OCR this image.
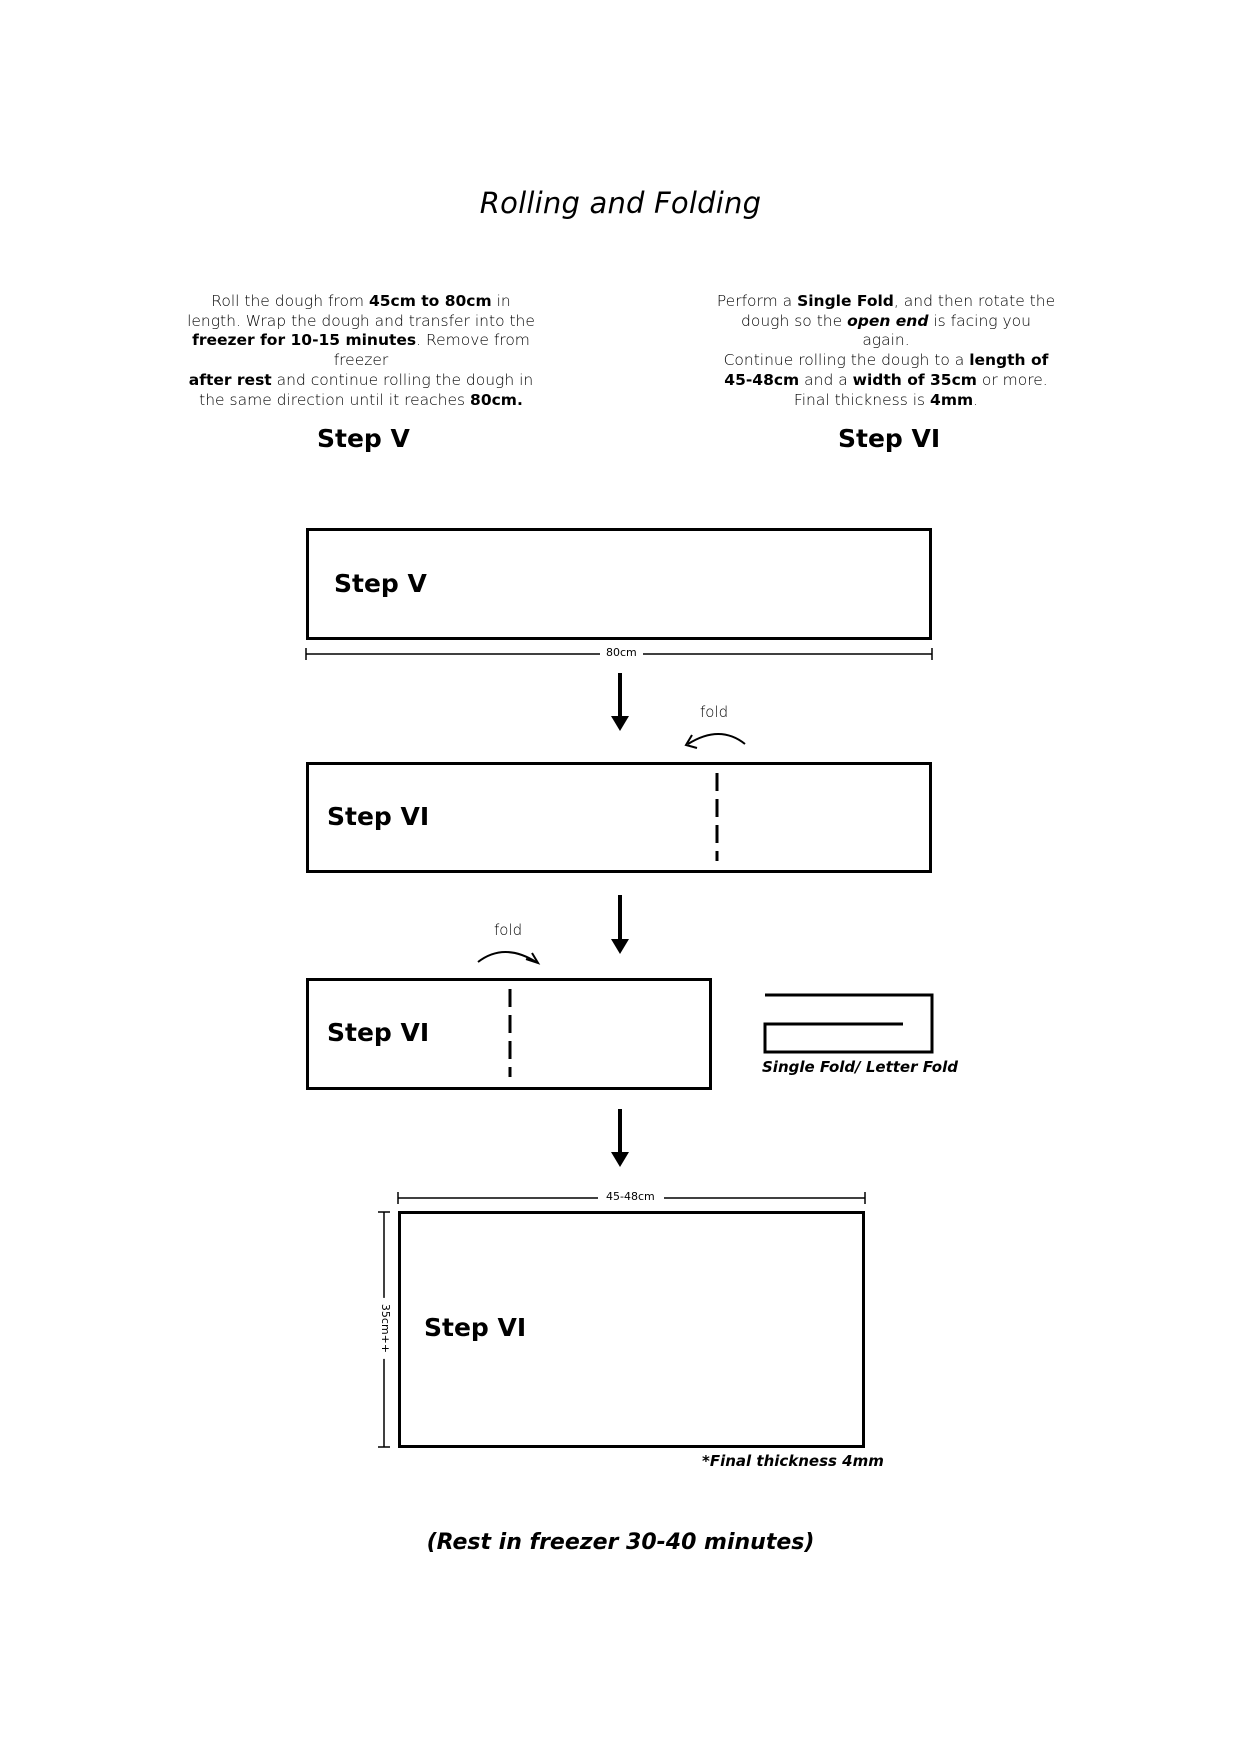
Rolling and Folding
Roll the dough from 45cm to 80cm in
length. Wrap the dough and transfer into the
freezer for 10-15 minutes. Remove from freezer
after rest and continue rolling the dough in
the same direction until it reaches 80cm.
Perform a Single Fold, and then rotate the
dough so the open end is facing you again.
Continue rolling the dough to a length of
45-48cm and a width of 35cm or more.
Final thickness is 4mm.
Step V	Step VI
Step V
80cm
fold
Step VI
fold
Step VI
Single Fold/ Letter Fold
45-48cm
35cm++ Step VI
*Final thickness 4mm
(Rest in freezer 30-40 minutes)
